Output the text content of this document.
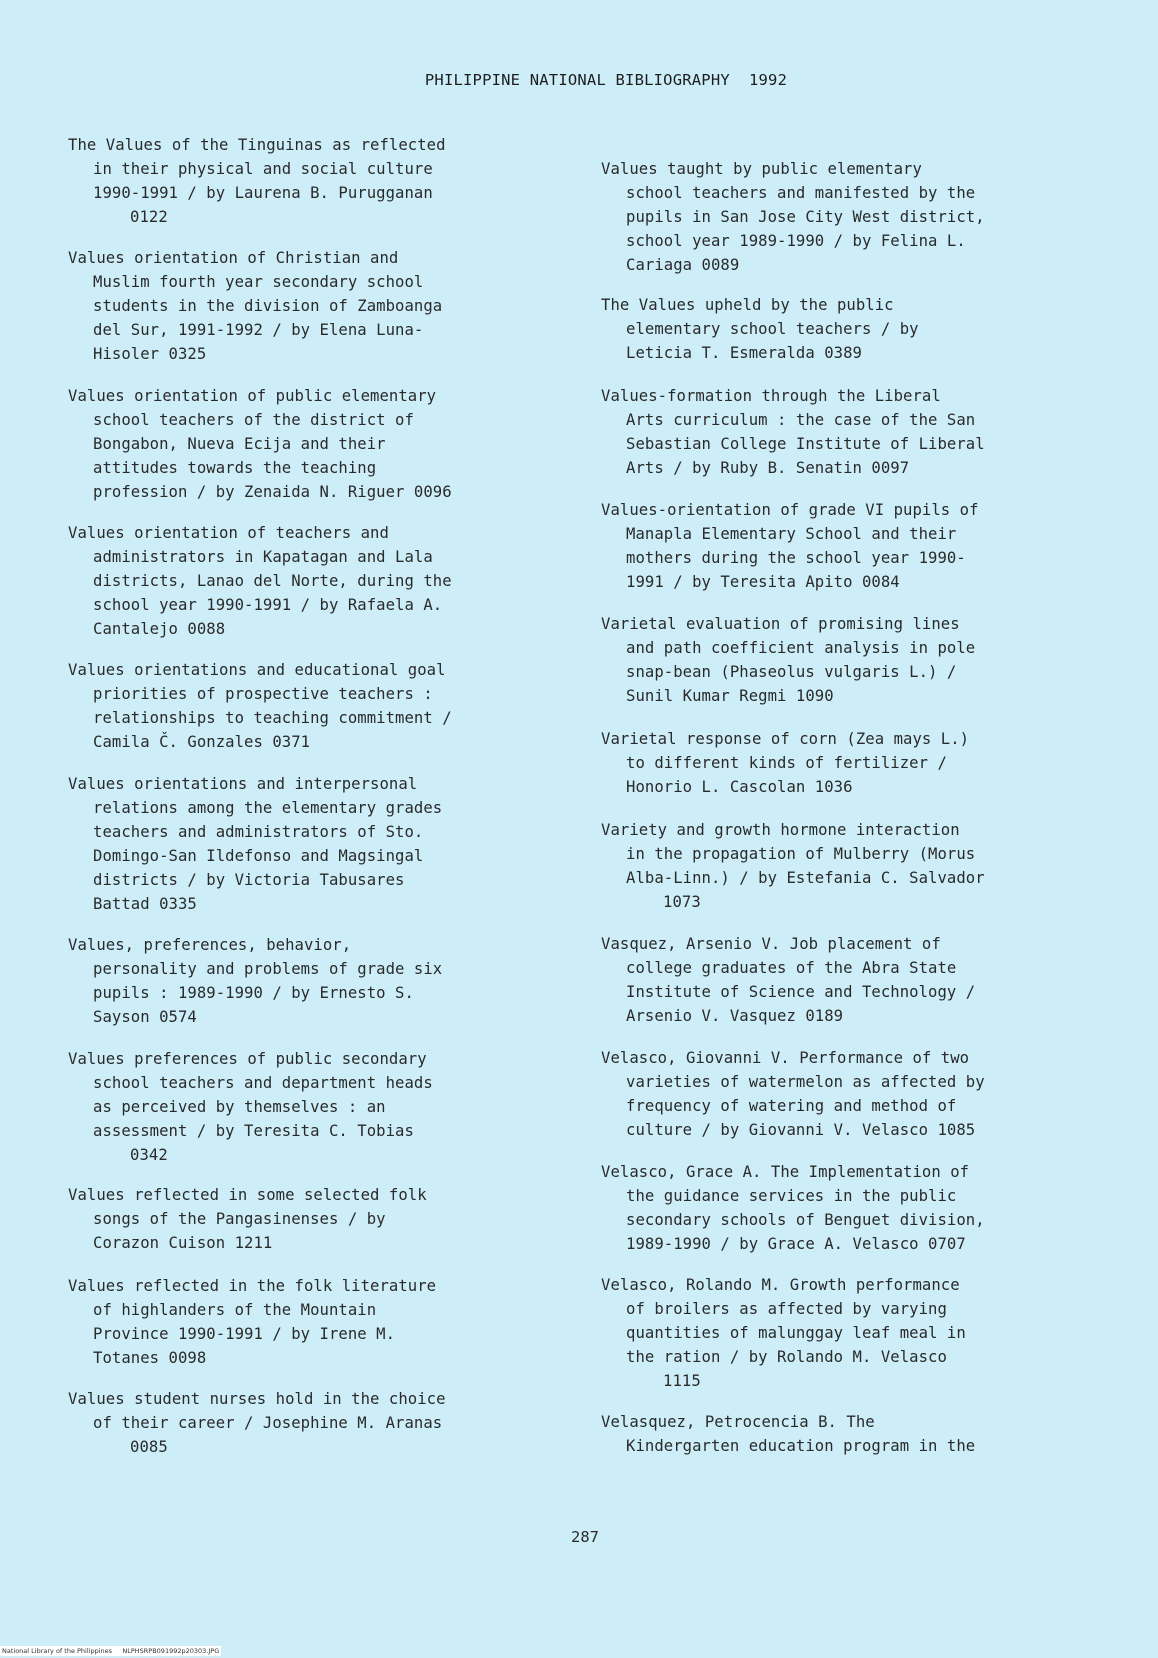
PHILIPPINE NATIONAL BIBLIOGRAPHY  1992
The Values of the Tinguinas as reflected
in their physical and social culture
1990-1991 / by Laurena B. Purugganan
0122
Values orientation of Christian and
Muslim fourth year secondary school
students in the division of Zamboanga
del Sur, 1991-1992 / by Elena Luna-
Hisoler 0325
Values orientation of public elementary
school teachers of the district of
Bongabon, Nueva Ecija and their
attitudes towards the teaching
profession / by Zenaida N. Riguer 0096
Values orientation of teachers and
administrators in Kapatagan and Lala
districts, Lanao del Norte, during the
school year 1990-1991 / by Rafaela A.
Cantalejo 0088
Values orientations and educational goal
priorities of prospective teachers :
relationships to teaching commitment /
Camila Č. Gonzales 0371
Values orientations and interpersonal
relations among the elementary grades
teachers and administrators of Sto.
Domingo-San Ildefonso and Magsingal
districts / by Victoria Tabusares
Battad 0335
Values, preferences, behavior,
personality and problems of grade six
pupils : 1989-1990 / by Ernesto S.
Sayson 0574
Values preferences of public secondary
school teachers and department heads
as perceived by themselves : an
assessment / by Teresita C. Tobias
0342
Values reflected in some selected folk
songs of the Pangasinenses / by
Corazon Cuison 1211
Values reflected in the folk literature
of highlanders of the Mountain
Province 1990-1991 / by Irene M.
Totanes 0098
Values student nurses hold in the choice
of their career / Josephine M. Aranas
0085
Values taught by public elementary
school teachers and manifested by the
pupils in San Jose City West district,
school year 1989-1990 / by Felina L.
Cariaga 0089
The Values upheld by the public
elementary school teachers / by
Leticia T. Esmeralda 0389
Values-formation through the Liberal
Arts curriculum : the case of the San
Sebastian College Institute of Liberal
Arts / by Ruby B. Senatin 0097
Values-orientation of grade VI pupils of
Manapla Elementary School and their
mothers during the school year 1990-
1991 / by Teresita Apito 0084
Varietal evaluation of promising lines
and path coefficient analysis in pole
snap-bean (Phaseolus vulgaris L.) /
Sunil Kumar Regmi 1090
Varietal response of corn (Zea mays L.)
to different kinds of fertilizer /
Honorio L. Cascolan 1036
Variety and growth hormone interaction
in the propagation of Mulberry (Morus
Alba-Linn.) / by Estefania C. Salvador
1073
Vasquez, Arsenio V. Job placement of
college graduates of the Abra State
Institute of Science and Technology /
Arsenio V. Vasquez 0189
Velasco, Giovanni V. Performance of two
varieties of watermelon as affected by
frequency of watering and method of
culture / by Giovanni V. Velasco 1085
Velasco, Grace A. The Implementation of
the guidance services in the public
secondary schools of Benguet division,
1989-1990 / by Grace A. Velasco 0707
Velasco, Rolando M. Growth performance
of broilers as affected by varying
quantities of malunggay leaf meal in
the ration / by Rolando M. Velasco
1115
Velasquez, Petrocencia B. The
Kindergarten education program in the
287
National Library of the Philippines     NLPHSRPB091992p20303.JPG
